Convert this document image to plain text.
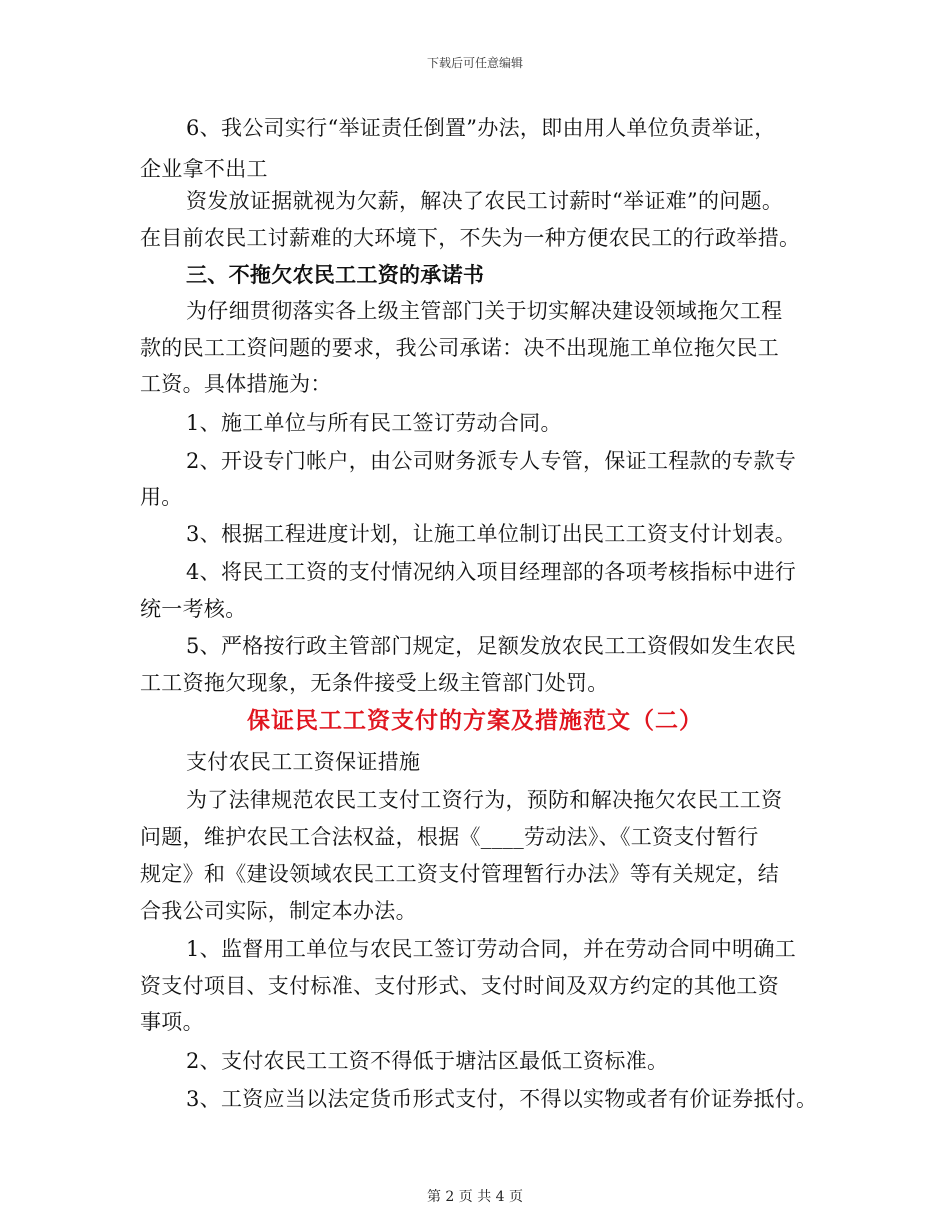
下载后可任意编辑
6、我公司实行“举证责任倒置”办法，即由用人单位负责举证，
企业拿不出工
资发放证据就视为欠薪，解决了农民工讨薪时“举证难”的问题。
在目前农民工讨薪难的大环境下，不失为一种方便农民工的行政举措。
三、不拖欠农民工工资的承诺书
为仔细贯彻落实各上级主管部门关于切实解决建设领域拖欠工程
款的民工工资问题的要求，我公司承诺：决不出现施工单位拖欠民工
工资。具体措施为：
1、施工单位与所有民工签订劳动合同。
2、开设专门帐户，由公司财务派专人专管，保证工程款的专款专
用。
3、根据工程进度计划，让施工单位制订出民工工资支付计划表。
4、将民工工资的支付情况纳入项目经理部的各项考核指标中进行
统一考核。
5、严格按行政主管部门规定，足额发放农民工工资假如发生农民
工工资拖欠现象，无条件接受上级主管部门处罚。
保证民工工资支付的方案及措施范文（二）
支付农民工工资保证措施
为了法律规范农民工支付工资行为，预防和解决拖欠农民工工资
问题，维护农民工合法权益，根据《____劳动法》、《工资支付暂行
规定》和《建设领域农民工工资支付管理暂行办法》等有关规定，结
合我公司实际，制定本办法。
1、监督用工单位与农民工签订劳动合同，并在劳动合同中明确工
资支付项目、支付标准、支付形式、支付时间及双方约定的其他工资
事项。
2、支付农民工工资不得低于塘沽区最低工资标准。
3、工资应当以法定货币形式支付，不得以实物或者有价证券抵付。
第 2 页 共 4 页
